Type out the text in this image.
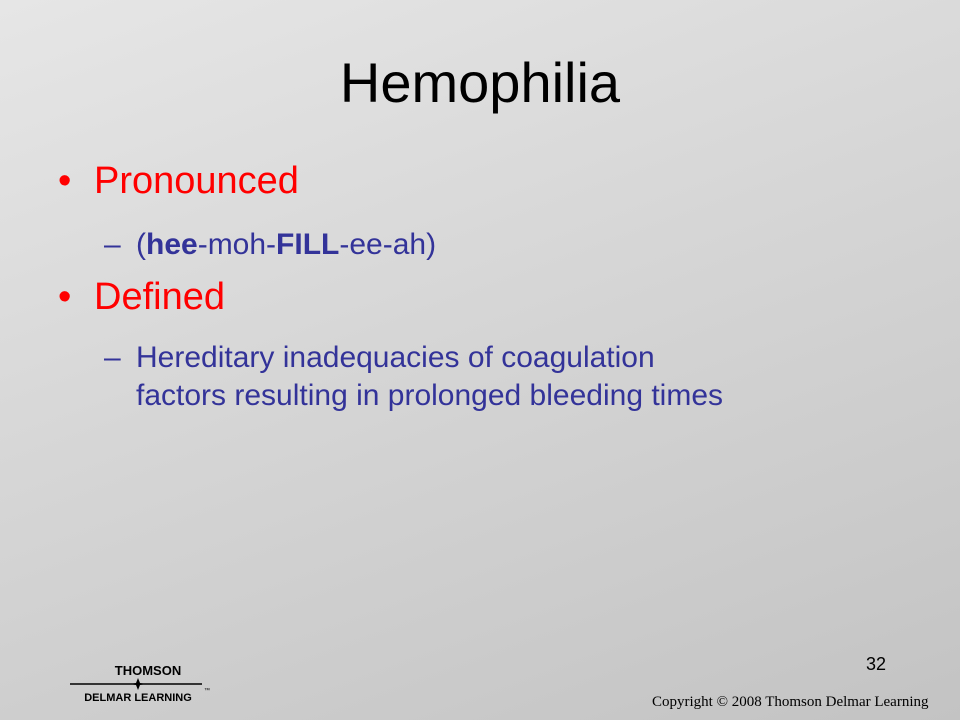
Hemophilia
• Pronounced
– (hee-moh-FILL-ee-ah)
• Defined
– Hereditary inadequacies of coagulation
factors resulting in prolonged bleeding times
32
THOMSON
DELMAR LEARNING
™
Copyright © 2008 Thomson Delmar Learning
